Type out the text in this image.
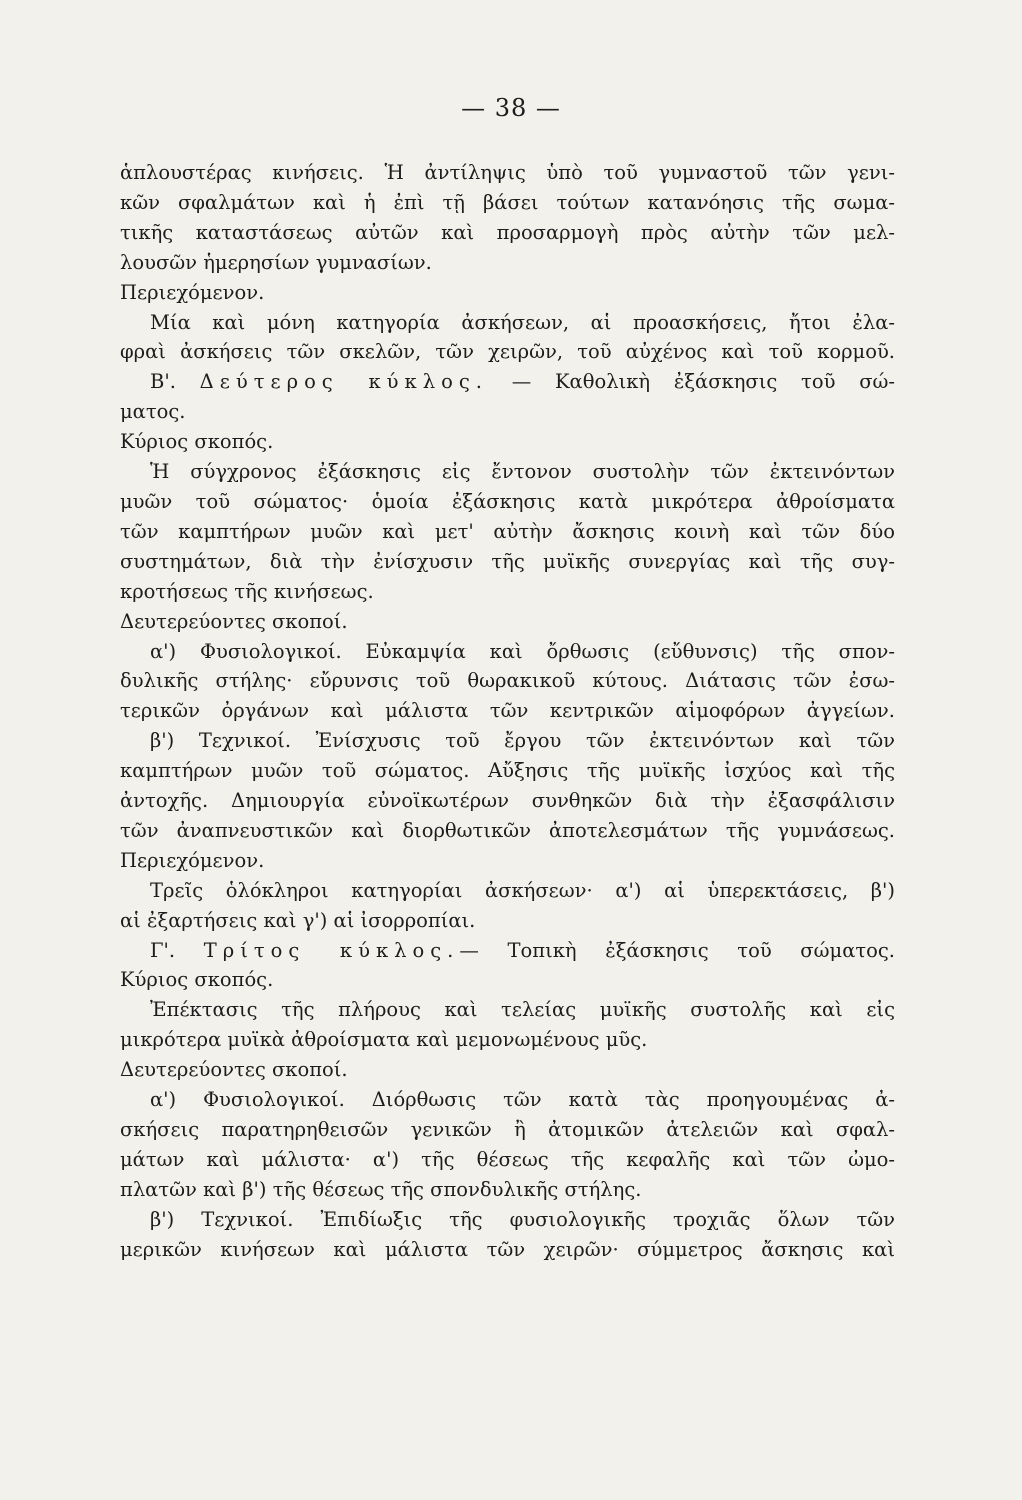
— 38 —

ἁπλουστέρας κινήσεις. Ἡ ἀντίληψις ὑπὸ τοῦ γυμναστοῦ τῶν γενι-

κῶν σφαλμάτων καὶ ἡ ἐπὶ τῇ βάσει τούτων κατανόησις τῆς σωμα-

τικῆς καταστάσεως αὐτῶν καὶ προσαρμογὴ πρὸς αὐτὴν τῶν μελ-

λουσῶν ἡμερησίων γυμνασίων.

Περιεχόμενον.

Μία καὶ μόνη κατηγορία ἀσκήσεων, αἱ προασκήσεις, ἤτοι ἐλα-

φραὶ ἀσκήσεις τῶν σκελῶν, τῶν χειρῶν, τοῦ αὐχένος καὶ τοῦ κορμοῦ.

Β'. Δεύτερος κύκλος. — Καθολικὴ ἐξάσκησις τοῦ σώ-

ματος.

Κύριος σκοπός.

Ἡ σύγχρονος ἐξάσκησις εἰς ἔντονον συστολὴν τῶν ἐκτεινόντων

μυῶν τοῦ σώματος· ὁμοία ἐξάσκησις κατὰ μικρότερα ἀθροίσματα

τῶν καμπτήρων μυῶν καὶ μετ' αὐτὴν ἄσκησις κοινὴ καὶ τῶν δύο

συστημάτων, διὰ τὴν ἐνίσχυσιν τῆς μυϊκῆς συνεργίας καὶ τῆς συγ-

κροτήσεως τῆς κινήσεως.

Δευτερεύοντες σκοποί.

α') Φυσιολογικοί. Εὐκαμψία καὶ ὄρθωσις (εὔθυνσις) τῆς σπον-

δυλικῆς στήλης· εὔρυνσις τοῦ θωρακικοῦ κύτους. Διάτασις τῶν ἐσω-

τερικῶν ὀργάνων καὶ μάλιστα τῶν κεντρικῶν αἱμοφόρων ἀγγείων.

β') Τεχνικοί. Ἐνίσχυσις τοῦ ἔργου τῶν ἐκτεινόντων καὶ τῶν

καμπτήρων μυῶν τοῦ σώματος. Αὔξησις τῆς μυϊκῆς ἰσχύος καὶ τῆς

ἀντοχῆς. Δημιουργία εὐνοϊκωτέρων συνθηκῶν διὰ τὴν ἐξασφάλισιν

τῶν ἀναπνευστικῶν καὶ διορθωτικῶν ἀποτελεσμάτων τῆς γυμνάσεως.

Περιεχόμενον.

Τρεῖς ὁλόκληροι κατηγορίαι ἀσκήσεων· α') αἱ ὑπερεκτάσεις, β')

αἱ ἐξαρτήσεις καὶ γ') αἱ ἰσορροπίαι.

Γ'. Τρίτος κύκλος.— Τοπικὴ ἐξάσκησις τοῦ σώματος.

Κύριος σκοπός.

Ἐπέκτασις τῆς πλήρους καὶ τελείας μυϊκῆς συστολῆς καὶ εἰς

μικρότερα μυϊκὰ ἀθροίσματα καὶ μεμονωμένους μῦς.

Δευτερεύοντες σκοποί.

α') Φυσιολογικοί. Διόρθωσις τῶν κατὰ τὰς προηγουμένας ἀ-

σκήσεις παρατηρηθεισῶν γενικῶν ἢ ἀτομικῶν ἀτελειῶν καὶ σφαλ-

μάτων καὶ μάλιστα· α') τῆς θέσεως τῆς κεφαλῆς καὶ τῶν ὠμο-

πλατῶν καὶ β') τῆς θέσεως τῆς σπονδυλικῆς στήλης.

β') Τεχνικοί. Ἐπιδίωξις τῆς φυσιολογικῆς τροχιᾶς ὅλων τῶν

μερικῶν κινήσεων καὶ μάλιστα τῶν χειρῶν· σύμμετρος ἄσκησις καὶ
